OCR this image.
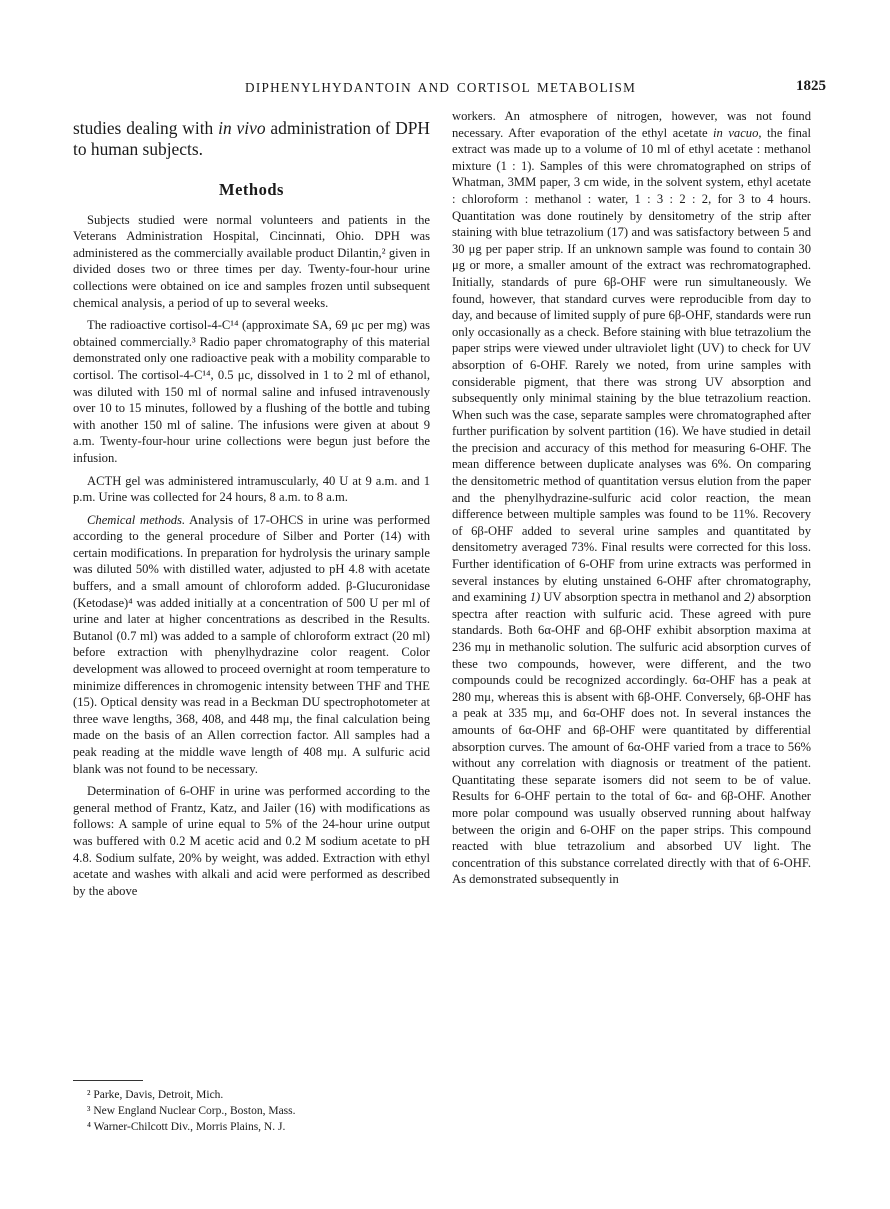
DIPHENYLHYDANTOIN AND CORTISOL METABOLISM	1825

studies dealing with in vivo administration of DPH to human subjects.

Methods

Subjects studied were normal volunteers and patients in the Veterans Administration Hospital, Cincinnati, Ohio. DPH was administered as the commercially available product Dilantin,² given in divided doses two or three times per day. Twenty-four-hour urine collections were obtained on ice and samples frozen until subsequent chemical analysis, a period of up to several weeks.

The radioactive cortisol-4-C¹⁴ (approximate SA, 69 μc per mg) was obtained commercially.³ Radio paper chromatography of this material demonstrated only one radioactive peak with a mobility comparable to cortisol. The cortisol-4-C¹⁴, 0.5 μc, dissolved in 1 to 2 ml of ethanol, was diluted with 150 ml of normal saline and infused intravenously over 10 to 15 minutes, followed by a flushing of the bottle and tubing with another 150 ml of saline. The infusions were given at about 9 a.m. Twenty-four-hour urine collections were begun just before the infusion.

ACTH gel was administered intramuscularly, 40 U at 9 a.m. and 1 p.m. Urine was collected for 24 hours, 8 a.m. to 8 a.m.

Chemical methods. Analysis of 17-OHCS in urine was performed according to the general procedure of Silber and Porter (14) with certain modifications. In preparation for hydrolysis the urinary sample was diluted 50% with distilled water, adjusted to pH 4.8 with acetate buffers, and a small amount of chloroform added. β-Glucuronidase (Ketodase)⁴ was added initially at a concentration of 500 U per ml of urine and later at higher concentrations as described in the Results. Butanol (0.7 ml) was added to a sample of chloroform extract (20 ml) before extraction with phenylhydrazine color reagent. Color development was allowed to proceed overnight at room temperature to minimize differences in chromogenic intensity between THF and THE (15). Optical density was read in a Beckman DU spectrophotometer at three wave lengths, 368, 408, and 448 mμ, the final calculation being made on the basis of an Allen correction factor. All samples had a peak reading at the middle wave length of 408 mμ. A sulfuric acid blank was not found to be necessary.

Determination of 6-OHF in urine was performed according to the general method of Frantz, Katz, and Jailer (16) with modifications as follows: A sample of urine equal to 5% of the 24-hour urine output was buffered with 0.2 M acetic acid and 0.2 M sodium acetate to pH 4.8. Sodium sulfate, 20% by weight, was added. Extraction with ethyl acetate and washes with alkali and acid were performed as described by the above

² Parke, Davis, Detroit, Mich.
³ New England Nuclear Corp., Boston, Mass.
⁴ Warner-Chilcott Div., Morris Plains, N. J.

workers. An atmosphere of nitrogen, however, was not found necessary. After evaporation of the ethyl acetate in vacuo, the final extract was made up to a volume of 10 ml of ethyl acetate : methanol mixture (1 : 1). Samples of this were chromatographed on strips of Whatman, 3MM paper, 3 cm wide, in the solvent system, ethyl acetate : chloroform : methanol : water, 1 : 3 : 2 : 2, for 3 to 4 hours. Quantitation was done routinely by densitometry of the strip after staining with blue tetrazolium (17) and was satisfactory between 5 and 30 μg per paper strip. If an unknown sample was found to contain 30 μg or more, a smaller amount of the extract was rechromatographed. Initially, standards of pure 6β-OHF were run simultaneously. We found, however, that standard curves were reproducible from day to day, and because of limited supply of pure 6β-OHF, standards were run only occasionally as a check. Before staining with blue tetrazolium the paper strips were viewed under ultraviolet light (UV) to check for UV absorption of 6-OHF. Rarely we noted, from urine samples with considerable pigment, that there was strong UV absorption and subsequently only minimal staining by the blue tetrazolium reaction. When such was the case, separate samples were chromatographed after further purification by solvent partition (16). We have studied in detail the precision and accuracy of this method for measuring 6-OHF. The mean difference between duplicate analyses was 6%. On comparing the densitometric method of quantitation versus elution from the paper and the phenylhydrazine-sulfuric acid color reaction, the mean difference between multiple samples was found to be 11%. Recovery of 6β-OHF added to several urine samples and quantitated by densitometry averaged 73%. Final results were corrected for this loss. Further identification of 6-OHF from urine extracts was performed in several instances by eluting unstained 6-OHF after chromatography, and examining 1) UV absorption spectra in methanol and 2) absorption spectra after reaction with sulfuric acid. These agreed with pure standards. Both 6α-OHF and 6β-OHF exhibit absorption maxima at 236 mμ in methanolic solution. The sulfuric acid absorption curves of these two compounds, however, were different, and the two compounds could be recognized accordingly. 6α-OHF has a peak at 280 mμ, whereas this is absent with 6β-OHF. Conversely, 6β-OHF has a peak at 335 mμ, and 6α-OHF does not. In several instances the amounts of 6α-OHF and 6β-OHF were quantitated by differential absorption curves. The amount of 6α-OHF varied from a trace to 56% without any correlation with diagnosis or treatment of the patient. Quantitating these separate isomers did not seem to be of value. Results for 6-OHF pertain to the total of 6α- and 6β-OHF. Another more polar compound was usually observed running about halfway between the origin and 6-OHF on the paper strips. This compound reacted with blue tetrazolium and absorbed UV light. The concentration of this substance correlated directly with that of 6-OHF. As demonstrated subsequently in
